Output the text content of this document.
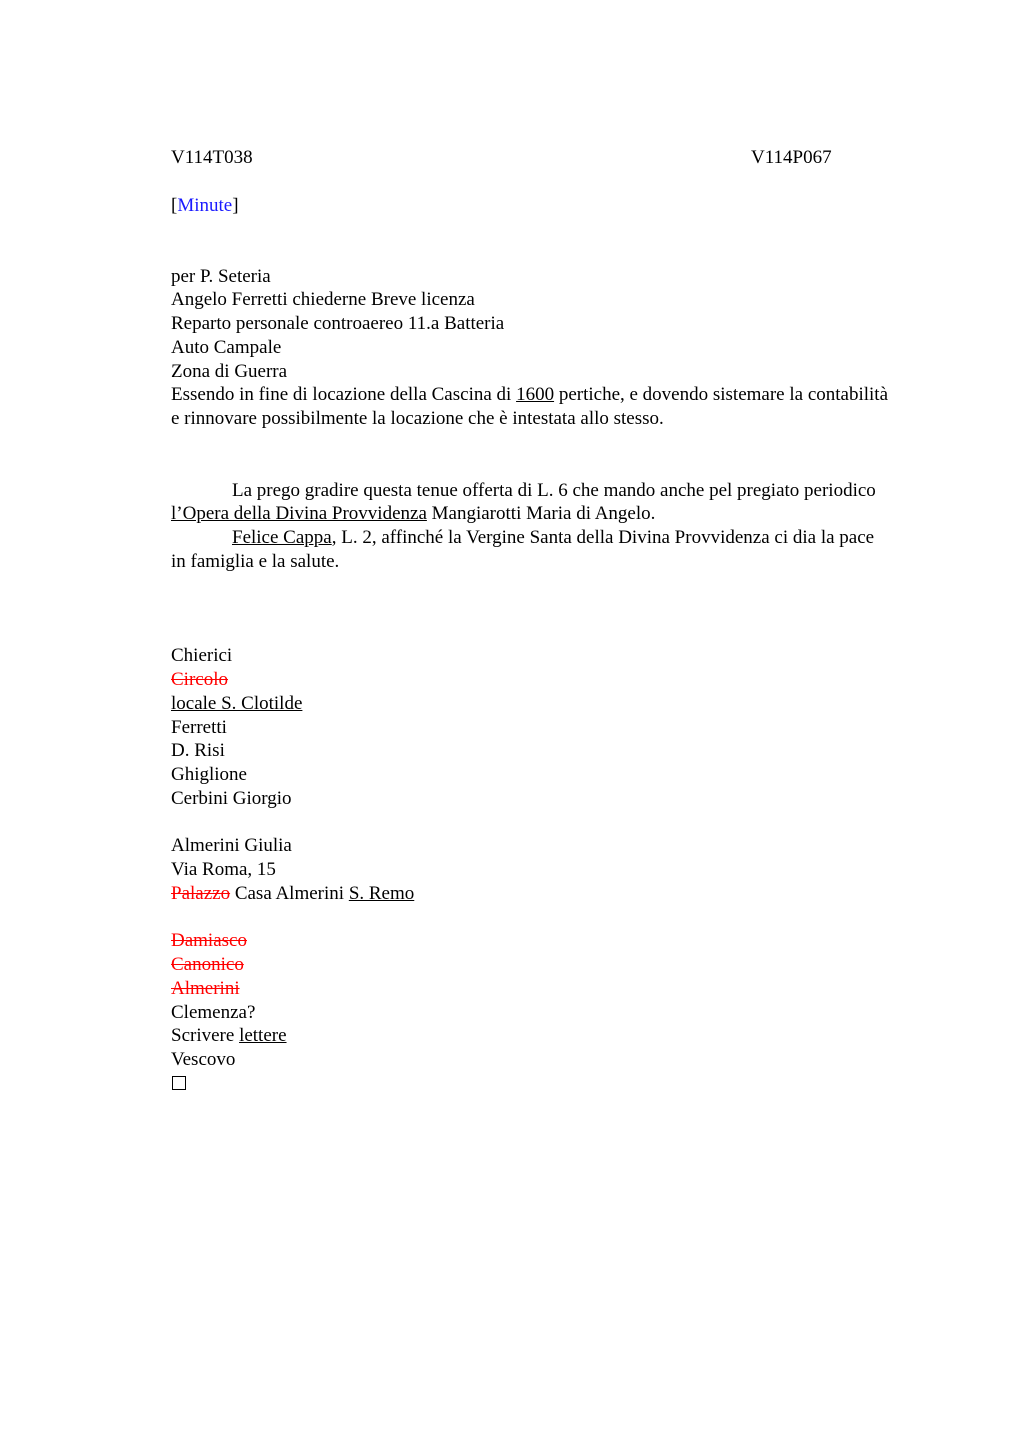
V114T038	V114P067
[Minute]
per P. Seteria
Angelo Ferretti chiederne Breve licenza
Reparto personale controaereo 11.a Batteria
Auto Campale
Zona di Guerra
Essendo in fine di locazione della Cascina di 1600 pertiche, e dovendo sistemare la contabilità e rinnovare possibilmente la locazione che è intestata allo stesso.
La prego gradire questa tenue offerta di L. 6 che mando anche pel pregiato periodico l’Opera della Divina Provvidenza Mangiarotti Maria di Angelo.
Felice Cappa, L. 2, affinché la Vergine Santa della Divina Provvidenza ci dia la pace in famiglia e la salute.
Chierici
Circolo
locale S. Clotilde
Ferretti
D. Risi
Ghiglione
Cerbini Giorgio
Almerini Giulia
Via Roma, 15
Palazzo Casa Almerini S. Remo
Damiasco
Canonico
Almerini
Clemenza?
Scrivere lettere
Vescovo
